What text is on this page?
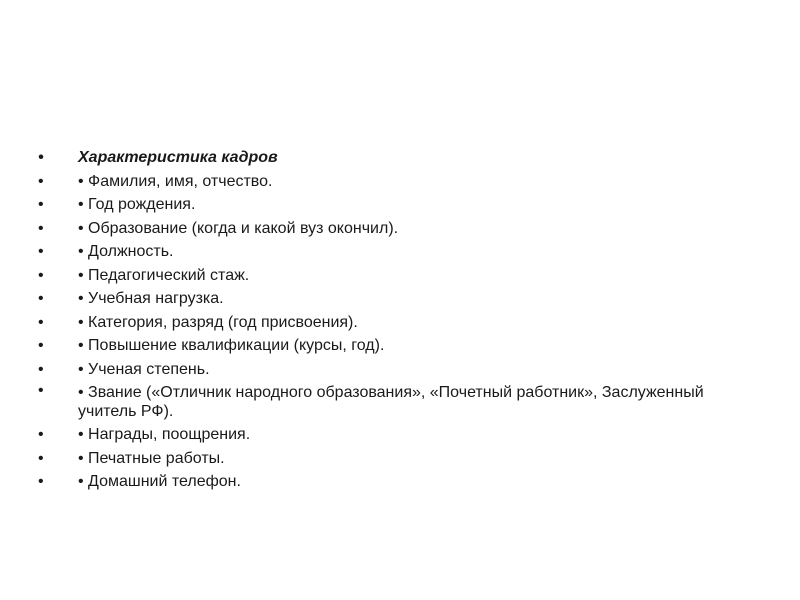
• Характеристика кадров
• • Фамилия, имя, отчество.
• • Год рождения.
• • Образование (когда и какой вуз окончил).
• • Должность.
• • Педагогический стаж.
• • Учебная нагрузка.
• • Категория, разряд (год присвоения).
• • Повышение квалификации (курсы, год).
• • Ученая степень.
• • Звание («Отличник народного образования», «Почетный работник», Заслуженный учитель РФ).
• • Награды, поощрения.
• • Печатные работы.
• • Домашний телефон.
